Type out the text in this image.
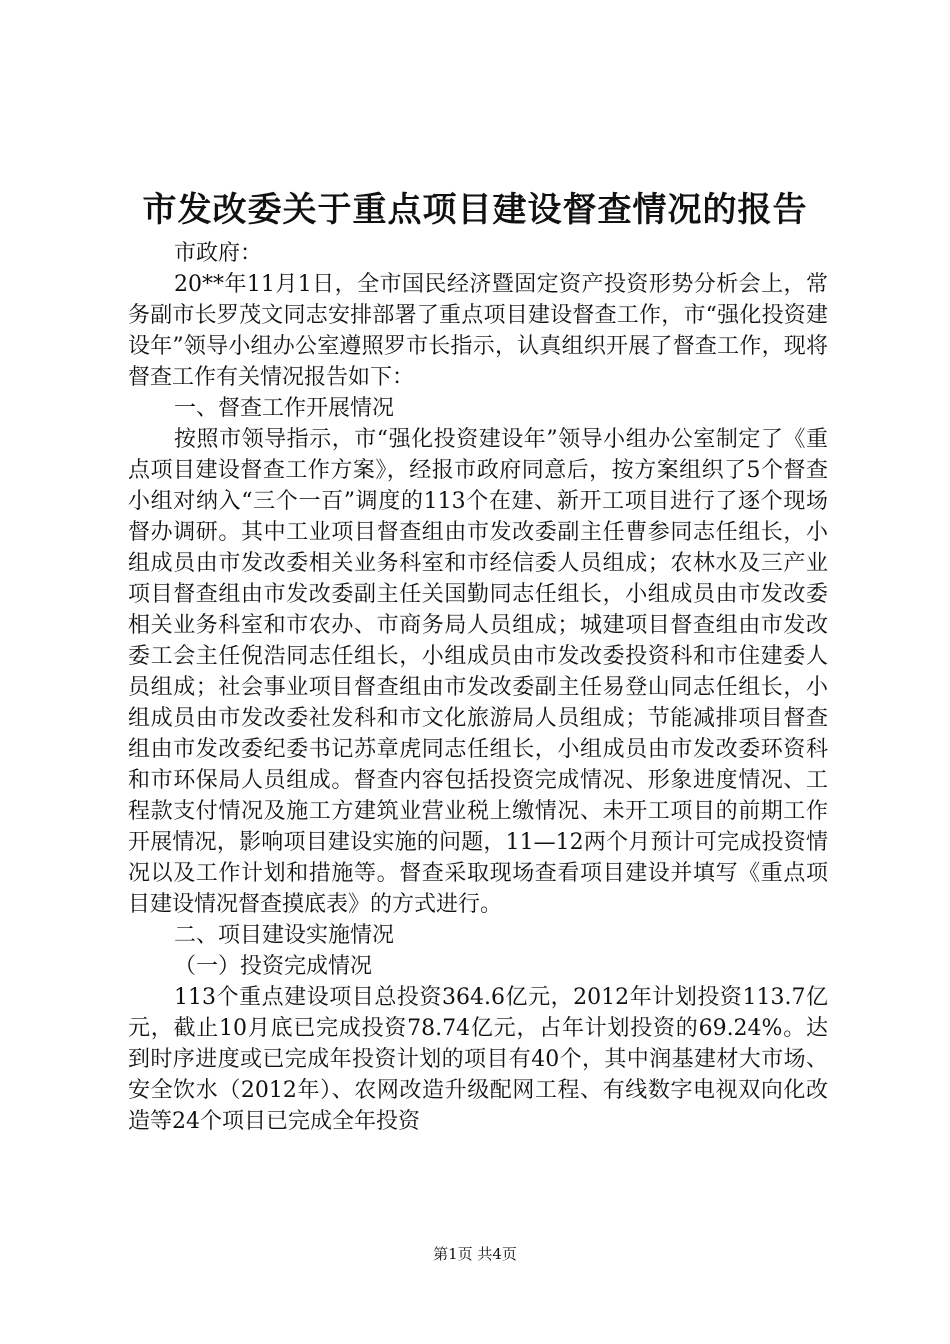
市发改委关于重点项目建设督查情况的报告

市政府：

20**年11月1日，全市国民经济暨固定资产投资形势分析会上，常务副市长罗茂文同志安排部署了重点项目建设督查工作，市“强化投资建设年”领导小组办公室遵照罗市长指示，认真组织开展了督查工作，现将督查工作有关情况报告如下：

一、督查工作开展情况

按照市领导指示，市“强化投资建设年”领导小组办公室制定了《重点项目建设督查工作方案》，经报市政府同意后，按方案组织了5个督查小组对纳入“三个一百”调度的113个在建、新开工项目进行了逐个现场督办调研。其中工业项目督查组由市发改委副主任曹参同志任组长，小组成员由市发改委相关业务科室和市经信委人员组成；农林水及三产业项目督查组由市发改委副主任关国勤同志任组长，小组成员由市发改委相关业务科室和市农办、市商务局人员组成；城建项目督查组由市发改委工会主任倪浩同志任组长，小组成员由市发改委投资科和市住建委人员组成；社会事业项目督查组由市发改委副主任易登山同志任组长，小组成员由市发改委社发科和市文化旅游局人员组成；节能减排项目督查组由市发改委纪委书记苏章虎同志任组长，小组成员由市发改委环资科和市环保局人员组成。督查内容包括投资完成情况、形象进度情况、工程款支付情况及施工方建筑业营业税上缴情况、未开工项目的前期工作开展情况，影响项目建设实施的问题，11—12两个月预计可完成投资情况以及工作计划和措施等。督查采取现场查看项目建设并填写《重点项目建设情况督查摸底表》的方式进行。

二、项目建设实施情况

（一）投资完成情况

113个重点建设项目总投资364.6亿元，2012年计划投资113.7亿元，截止10月底已完成投资78.74亿元，占年计划投资的69.24%。达到时序进度或已完成年投资计划的项目有40个，其中润基建材大市场、安全饮水（2012年）、农网改造升级配网工程、有线数字电视双向化改造等24个项目已完成全年投资

第1页 共4页
